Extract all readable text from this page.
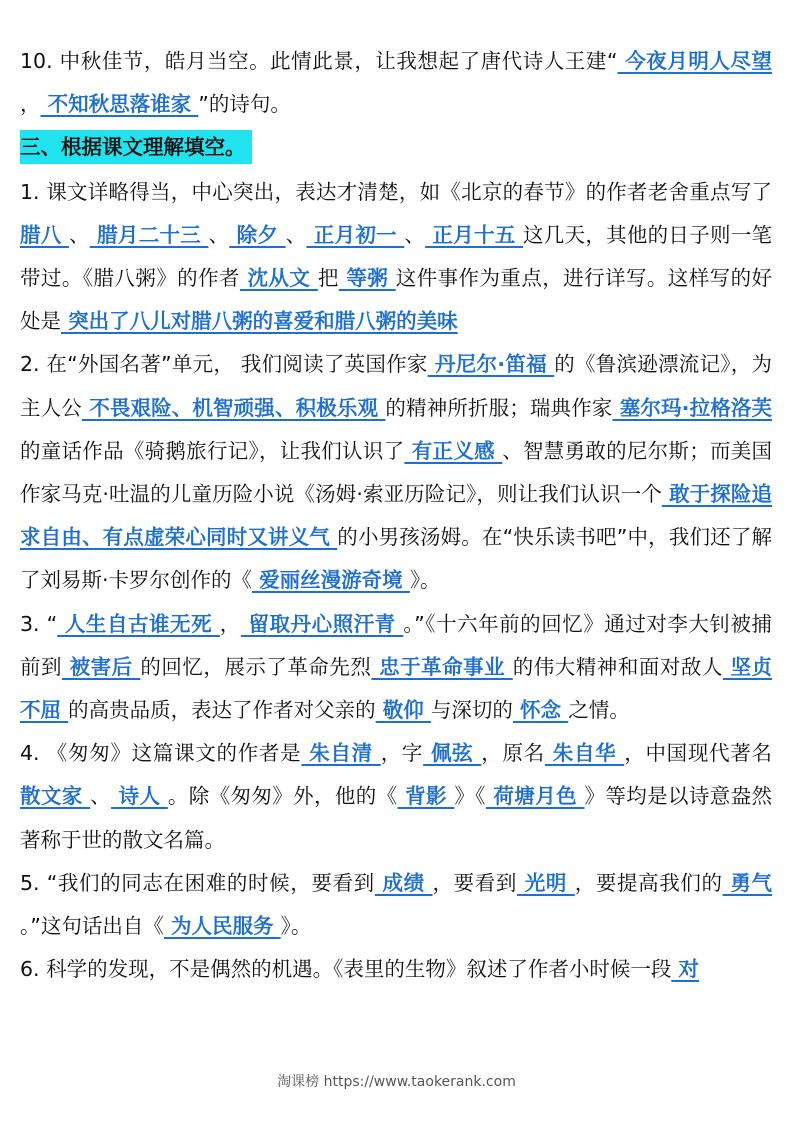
10. 中秋佳节，皓月当空。此情此景，让我想起了唐代诗人王建“ 今夜月明人尽望 ， 不知秋思落谁家 ”的诗句。

三、根据课文理解填空。

1. 课文详略得当，中心突出，表达才清楚，如《北京的春节》的作者老舍重点写了 腊八 、 腊月二十三 、 除夕 、 正月初一 、 正月十五 这几天，其他的日子则一笔带过。《腊八粥》的作者 沈从文 把 等粥 这件事作为重点，进行详写。这样写的好处是 突出了八儿对腊八粥的喜爱和腊八粥的美味

2. 在“外国名著”单元， 我们阅读了英国作家 丹尼尔·笛福 的《鲁滨逊漂流记》，为主人公 不畏艰险、机智顽强、积极乐观 的精神所折服；瑞典作家 塞尔玛·拉格洛芙 的童话作品《骑鹅旅行记》，让我们认识了 有正义感 、智慧勇敢的尼尔斯；而美国作家马克·吐温的儿童历险小说《汤姆·索亚历险记》，则让我们认识一个 敢于探险追求自由、有点虚荣心同时又讲义气 的小男孩汤姆。在“快乐读书吧”中，我们还了解了刘易斯·卡罗尔创作的《 爱丽丝漫游奇境 》。

3. “ 人生自古谁无死 ， 留取丹心照汗青 。”《十六年前的回忆》通过对李大钊被捕前到 被害后 的回忆，展示了革命先烈 忠于革命事业 的伟大精神和面对敌人 坚贞不屈 的高贵品质，表达了作者对父亲的 敬仰 与深切的 怀念 之情。

4. 《匆匆》这篇课文的作者是 朱自清 ，字 佩弦 ，原名 朱自华 ，中国现代著名 散文家 、 诗人 。除《匆匆》外，他的《 背影 》《 荷塘月色 》等均是以诗意盎然著称于世的散文名篇。

5. “我们的同志在困难的时候，要看到 成绩 ，要看到 光明 ，要提高我们的 勇气 。”这句话出自《 为人民服务 》。

6. 科学的发现，不是偶然的机遇。《表里的生物》叙述了作者小时候一段 对

淘课榜 https://www.taokerank.com
